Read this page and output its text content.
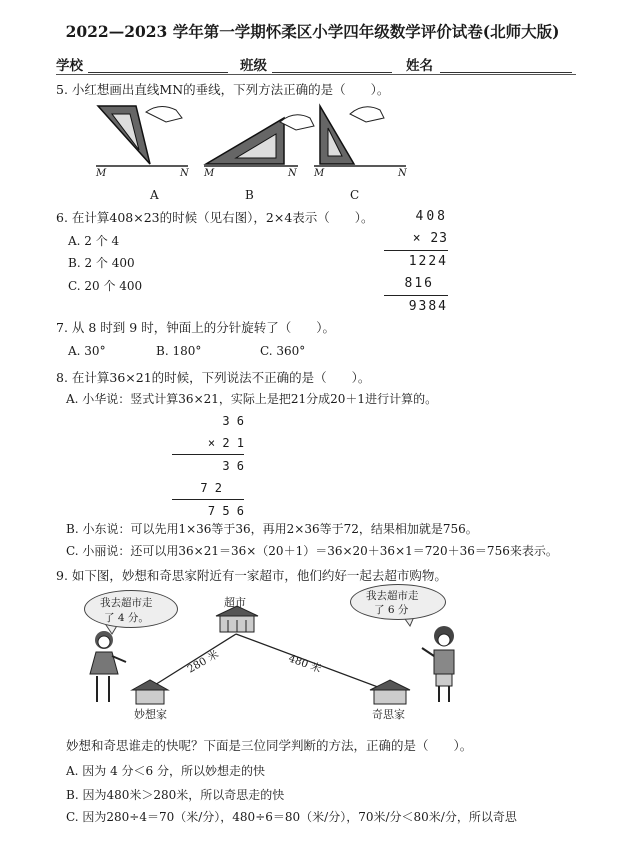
2022—2023 学年第一学期怀柔区小学四年级数学评价试卷(北师大版)
学校	班级	姓名
5. 小红想画出直线MN的垂线，下列方法正确的是（　　）。
M	N M	N M	N
A	B	C
6. 在计算408×23的时候（见右图），2×4表示（　　）。
A. 2 个 4
B. 2 个 400
C. 20 个 400
408
× 23
1224
816
9384
7. 从 8 时到 9 时，钟面上的分针旋转了（　　）。
A. 30°	B. 180°	C. 360°
8. 在计算36×21的时候，下列说法不正确的是（　　）。
A. 小华说：竖式计算36×21，实际上是把21分成20＋1进行计算的。
3 6
× 2 1
3 6
7 2
7 5 6
B. 小东说：可以先用1×36等于36，再用2×36等于72，结果相加就是756。
C. 小丽说：还可以用36×21＝36×（20＋1）＝36×20＋36×1＝720＋36＝756来表示。
9. 如下图，妙想和奇思家附近有一家超市，他们约好一起去超市购物。
我去超市走
了 4 分。
我去超市走
了 6 分
超市
280 米	480 米
妙想家	奇思家
妙想和奇思谁走的快呢？下面是三位同学判断的方法，正确的是（　　）。
A. 因为 4 分＜6 分，所以妙想走的快
B. 因为480米＞280米，所以奇思走的快
C. 因为280÷4＝70（米/分），480÷6＝80（米/分），70米/分＜80米/分，所以奇思
